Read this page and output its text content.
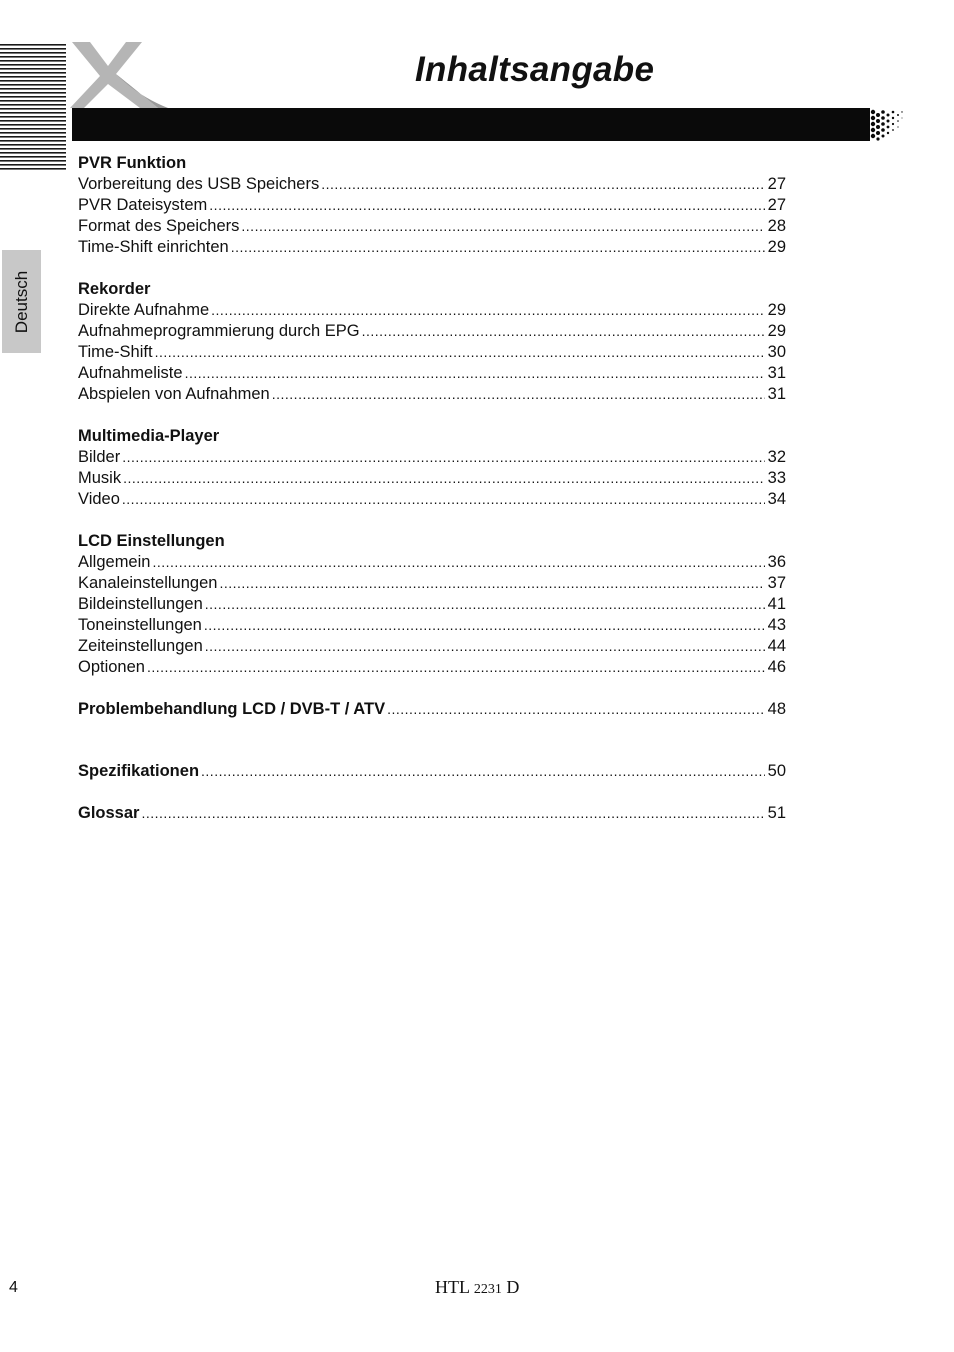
Inhaltsangabe
Deutsch
PVR Funktion
Vorbereitung des USB Speichers .....	27
PVR Dateisystem .....	27
Format des Speichers .....	28
Time-Shift einrichten .....	29
Rekorder
Direkte Aufnahme .....	29
Aufnahmeprogrammierung durch EPG .....	29
Time-Shift .....	30
Aufnahmeliste .....	31
Abspielen von Aufnahmen .....	31
Multimedia-Player
Bilder .....	32
Musik .....	33
Video .....	34
LCD Einstellungen
Allgemein .....	36
Kanaleinstellungen .....	37
Bildeinstellungen .....	41
Toneinstellungen .....	43
Zeiteinstellungen .....	44
Optionen .....	46
Problembehandlung LCD / DVB-T / ATV .....	48
Spezifikationen .....	50
Glossar .....	51
4	HTL 2231 D
